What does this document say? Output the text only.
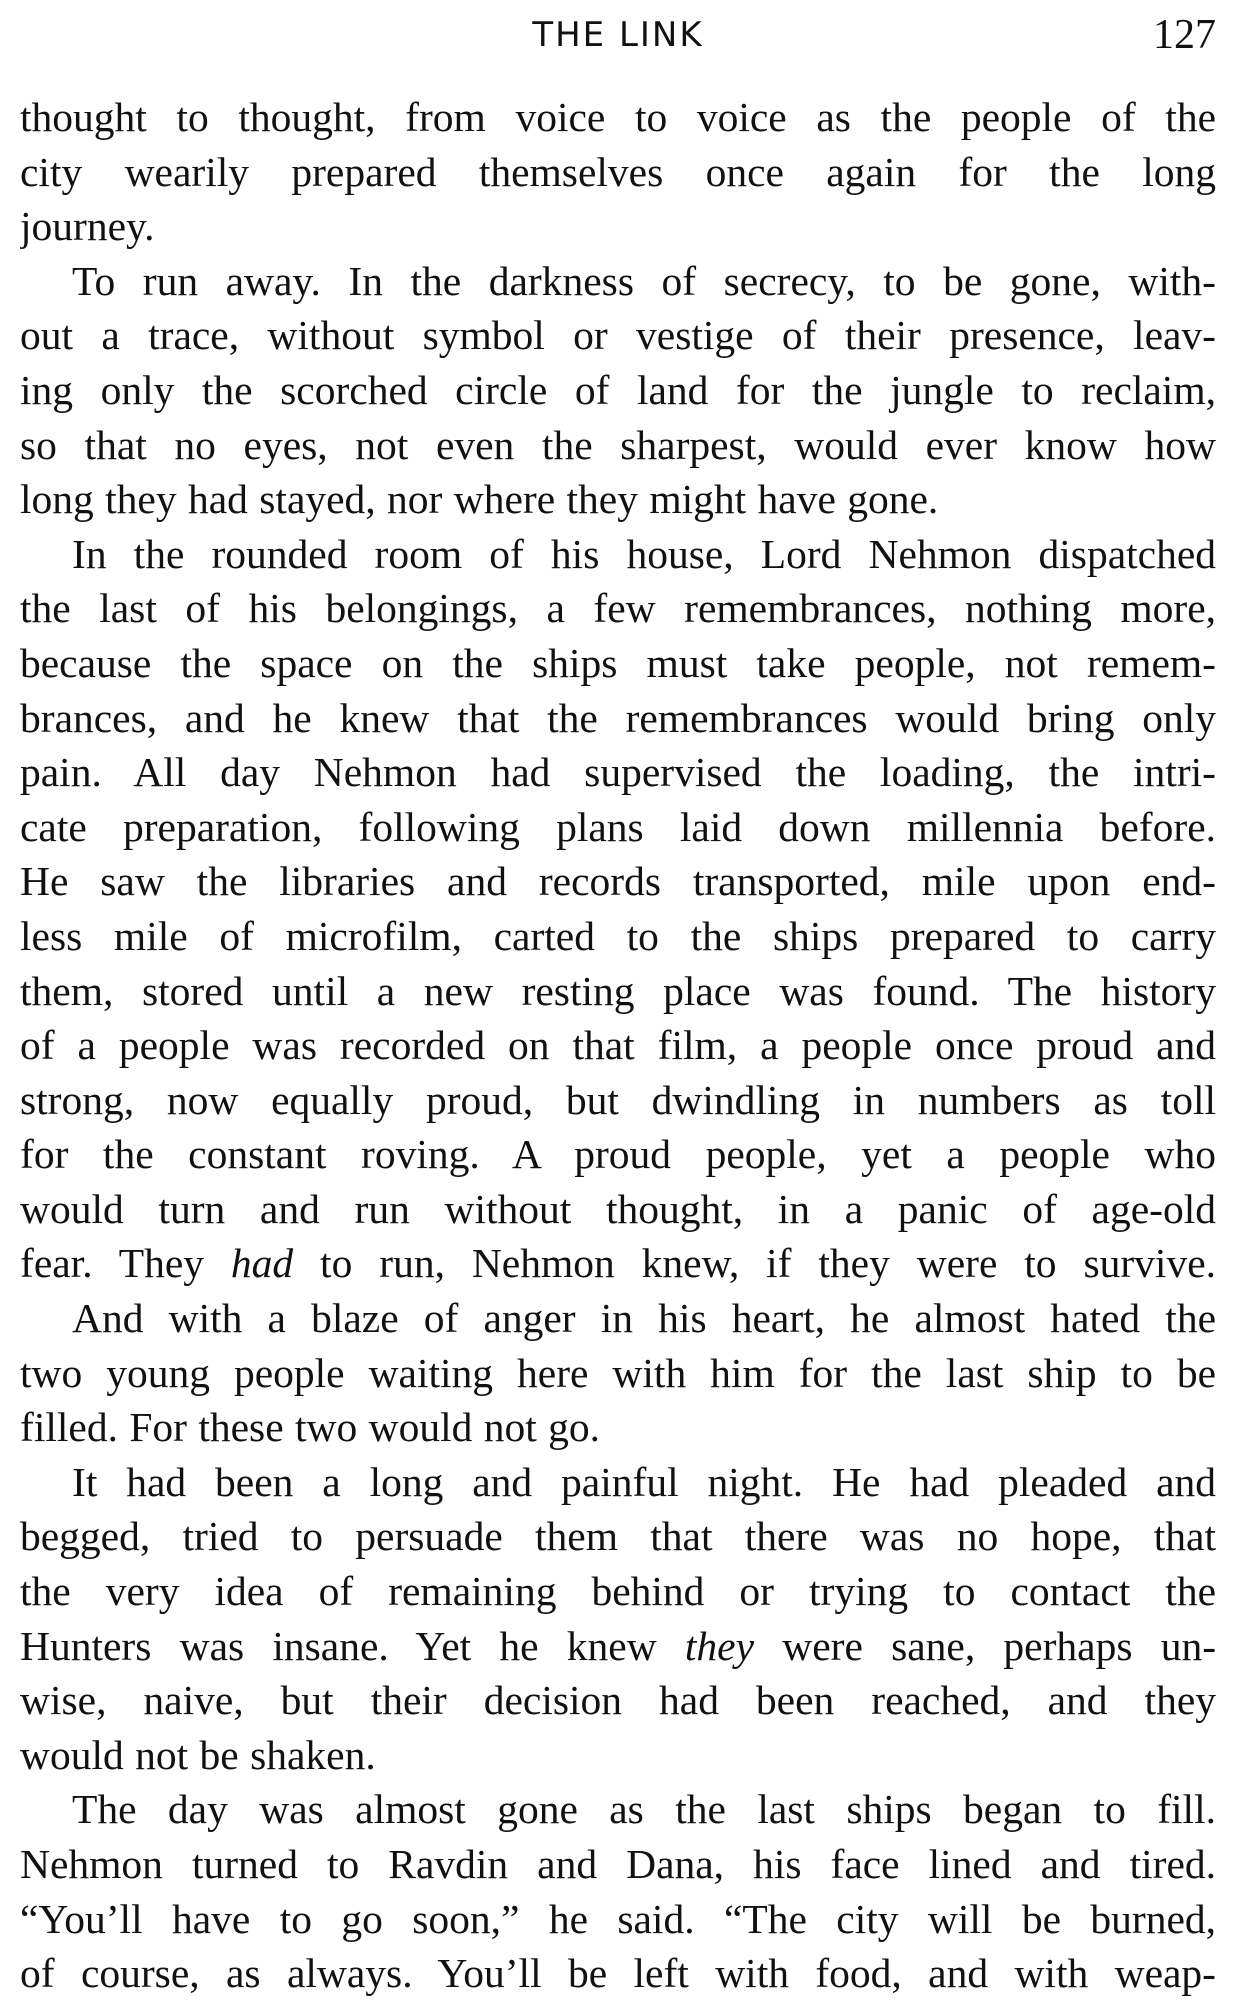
THE LINK	127
thought to thought, from voice to voice as the people of the
city wearily prepared themselves once again for the long
journey.
To run away. In the darkness of secrecy, to be gone, with-
out a trace, without symbol or vestige of their presence, leav-
ing only the scorched circle of land for the jungle to reclaim,
so that no eyes, not even the sharpest, would ever know how
long they had stayed, nor where they might have gone.
In the rounded room of his house, Lord Nehmon dispatched
the last of his belongings, a few remembrances, nothing more,
because the space on the ships must take people, not remem-
brances, and he knew that the remembrances would bring only
pain. All day Nehmon had supervised the loading, the intri-
cate preparation, following plans laid down millennia before.
He saw the libraries and records transported, mile upon end-
less mile of microfilm, carted to the ships prepared to carry
them, stored until a new resting place was found. The history
of a people was recorded on that film, a people once proud and
strong, now equally proud, but dwindling in numbers as toll
for the constant roving. A proud people, yet a people who
would turn and run without thought, in a panic of age-old
fear. They had to run, Nehmon knew, if they were to survive.
And with a blaze of anger in his heart, he almost hated the
two young people waiting here with him for the last ship to be
filled. For these two would not go.
It had been a long and painful night. He had pleaded and
begged, tried to persuade them that there was no hope, that
the very idea of remaining behind or trying to contact the
Hunters was insane. Yet he knew they were sane, perhaps un-
wise, naive, but their decision had been reached, and they
would not be shaken.
The day was almost gone as the last ships began to fill.
Nehmon turned to Ravdin and Dana, his face lined and tired.
“You’ll have to go soon,” he said. “The city will be burned,
of course, as always. You’ll be left with food, and with weap-
